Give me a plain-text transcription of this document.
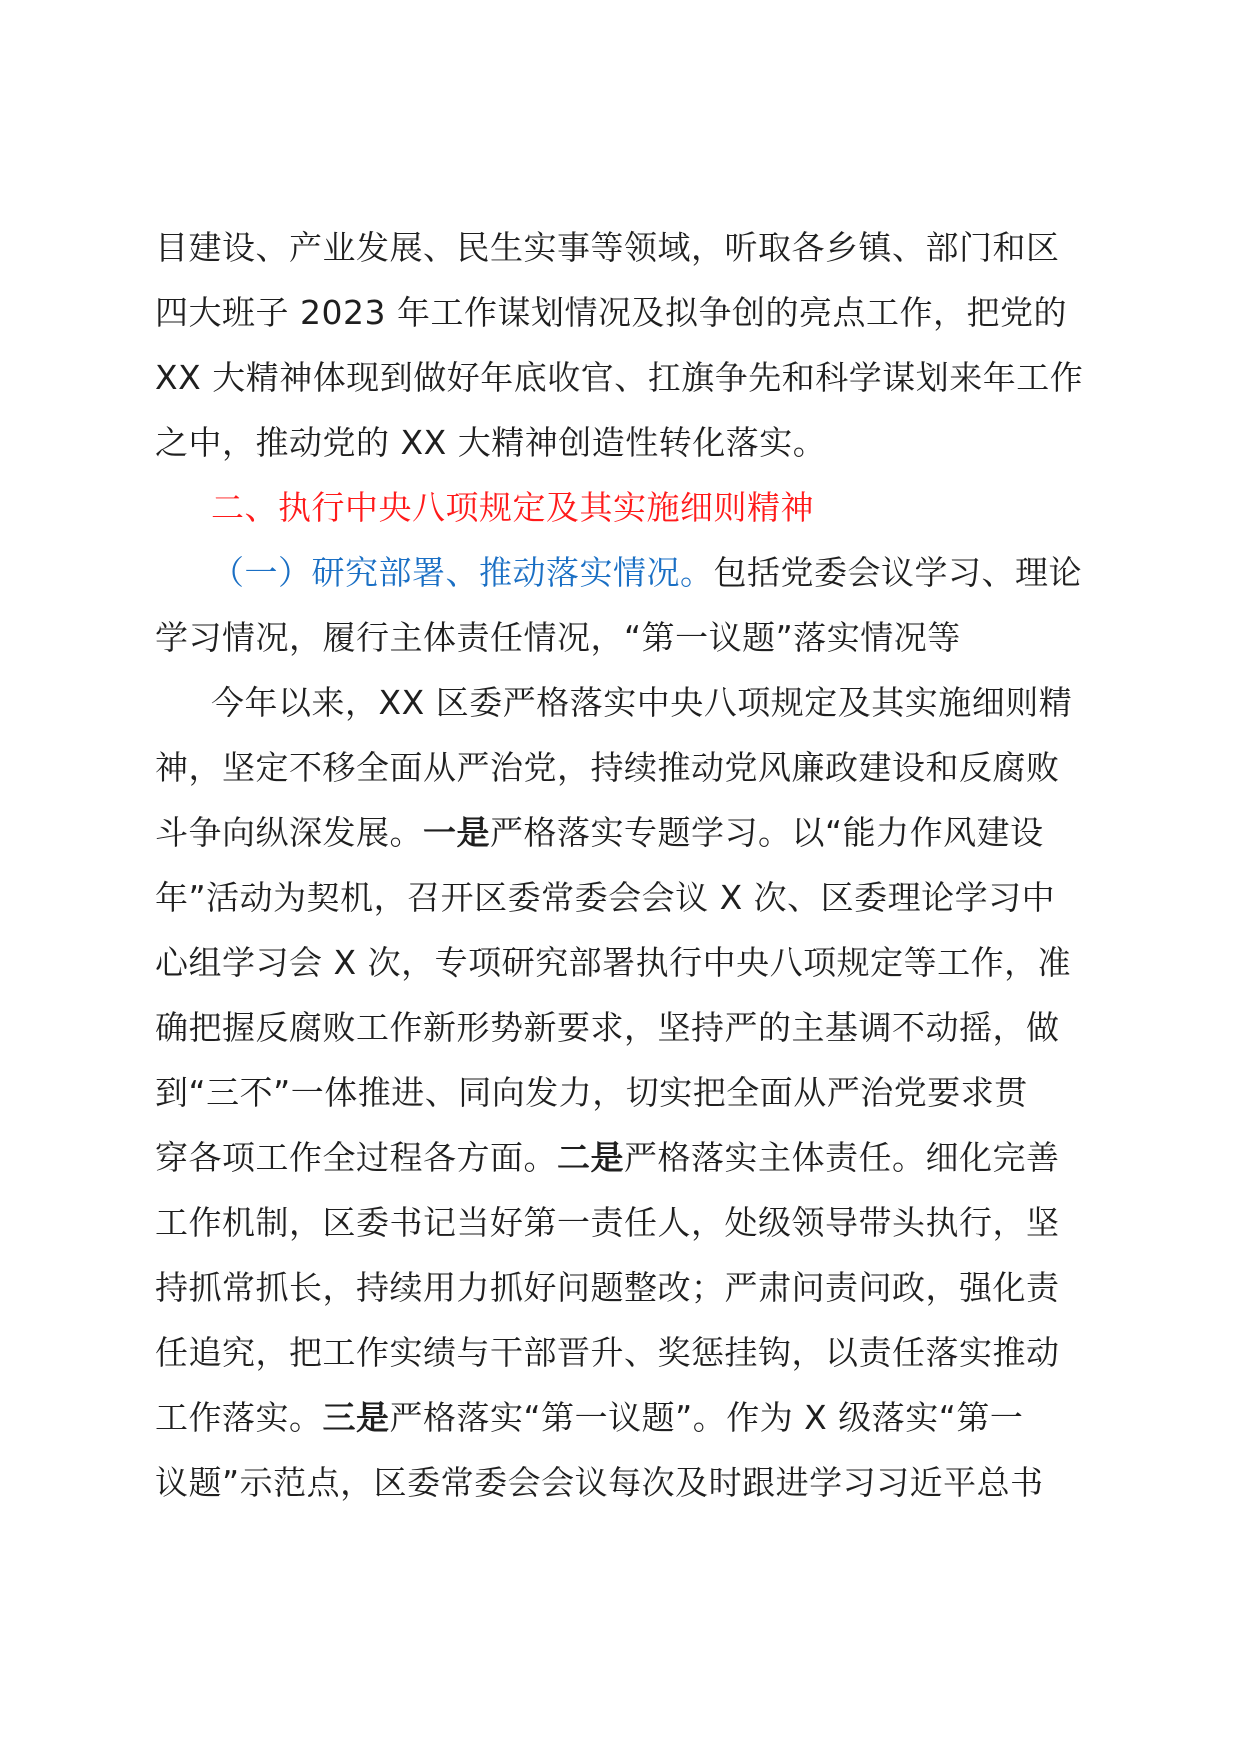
目建设、产业发展、民生实事等领域，听取各乡镇、部门和区
四大班子 2023 年工作谋划情况及拟争创的亮点工作，把党的
XX 大精神体现到做好年底收官、扛旗争先和科学谋划来年工作
之中，推动党的 XX 大精神创造性转化落实。
二、执行中央八项规定及其实施细则精神
（一）研究部署、推动落实情况。包括党委会议学习、理论
学习情况，履行主体责任情况，“第一议题”落实情况等
今年以来，XX 区委严格落实中央八项规定及其实施细则精
神，坚定不移全面从严治党，持续推动党风廉政建设和反腐败
斗争向纵深发展。一是严格落实专题学习。以“能力作风建设
年”活动为契机，召开区委常委会会议 X 次、区委理论学习中
心组学习会 X 次，专项研究部署执行中央八项规定等工作，准
确把握反腐败工作新形势新要求，坚持严的主基调不动摇，做
到“三不”一体推进、同向发力，切实把全面从严治党要求贯
穿各项工作全过程各方面。二是严格落实主体责任。细化完善
工作机制，区委书记当好第一责任人，处级领导带头执行，坚
持抓常抓长，持续用力抓好问题整改；严肃问责问政，强化责
任追究，把工作实绩与干部晋升、奖惩挂钩，以责任落实推动
工作落实。三是严格落实“第一议题”。作为 X 级落实“第一
议题”示范点，区委常委会会议每次及时跟进学习习近平总书
